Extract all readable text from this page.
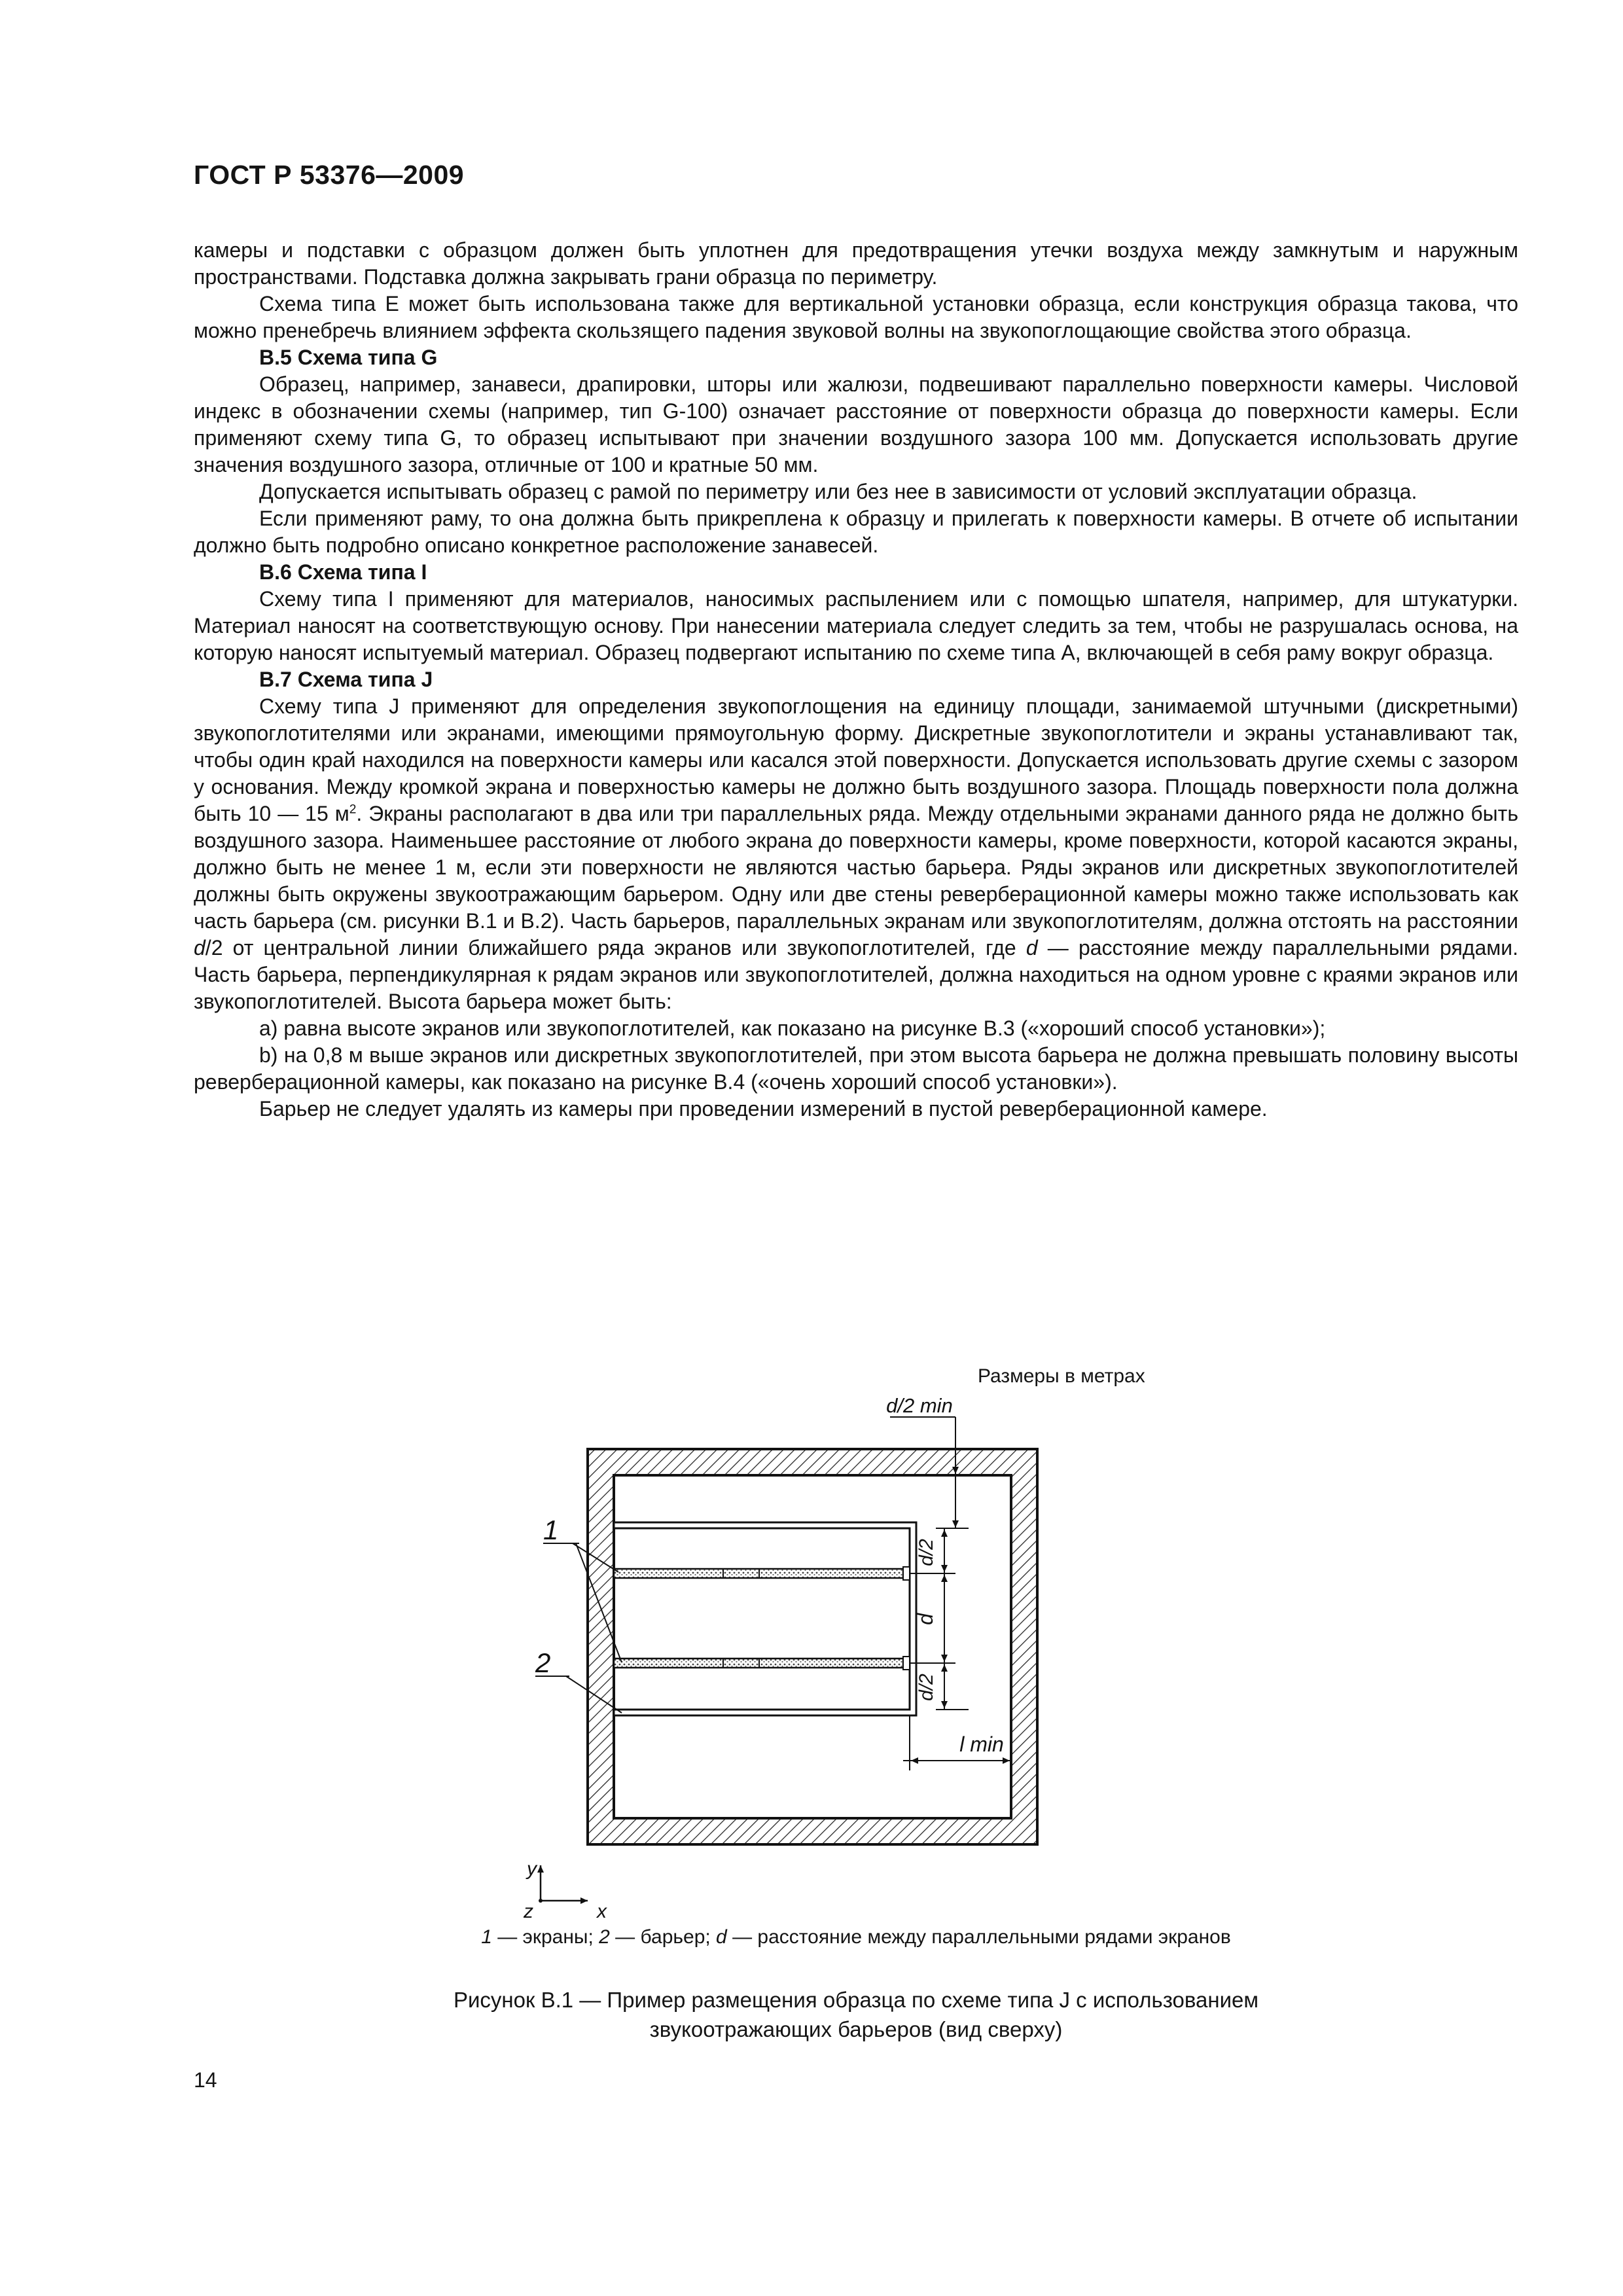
ГОСТ Р 53376—2009

камеры и подставки с образцом должен быть уплотнен для предотвращения утечки воздуха между замкнутым и наружным пространствами. Подставка должна закрывать грани образца по периметру.

Схема типа E может быть использована также для вертикальной установки образца, если конструкция образца такова, что можно пренебречь влиянием эффекта скользящего падения звуковой волны на звукопоглощающие свойства этого образца.

B.5 Схема типа G

Образец, например, занавеси, драпировки, шторы или жалюзи, подвешивают параллельно поверхности камеры. Числовой индекс в обозначении схемы (например, тип G-100) означает расстояние от поверхности образца до поверхности камеры. Если применяют схему типа G, то образец испытывают при значении воздушного зазора 100 мм. Допускается использовать другие значения воздушного зазора, отличные от 100 и кратные 50 мм.

Допускается испытывать образец с рамой по периметру или без нее в зависимости от условий эксплуатации образца.

Если применяют раму, то она должна быть прикреплена к образцу и прилегать к поверхности камеры. В отчете об испытании должно быть подробно описано конкретное расположение занавесей.

B.6 Схема типа I

Схему типа I применяют для материалов, наносимых распылением или с помощью шпателя, например, для штукатурки. Материал наносят на соответствующую основу. При нанесении материала следует следить за тем, чтобы не разрушалась основа, на которую наносят испытуемый материал. Образец подвергают испытанию по схеме типа A, включающей в себя раму вокруг образца.

B.7 Схема типа J

Схему типа J применяют для определения звукопоглощения на единицу площади, занимаемой штучными (дискретными) звукопоглотителями или экранами, имеющими прямоугольную форму. Дискретные звукопоглотители и экраны устанавливают так, чтобы один край находился на поверхности камеры или касался этой поверхности. Допускается использовать другие схемы с зазором у основания. Между кромкой экрана и поверхностью камеры не должно быть воздушного зазора. Площадь поверхности пола должна быть 10 — 15 $м^2$. Экраны располагают в два или три параллельных ряда. Между отдельными экранами данного ряда не должно быть воздушного зазора. Наименьшее расстояние от любого экрана до поверхности камеры, кроме поверхности, которой касаются экраны, должно быть не менее 1 м, если эти поверхности не являются частью барьера. Ряды экранов или дискретных звукопоглотителей должны быть окружены звукоотражающим барьером. Одну или две стены реверберационной камеры можно также использовать как часть барьера (см. рисунки B.1 и B.2). Часть барьеров, параллельных экранам или звукопоглотителям, должна отстоять на расстоянии d/2 от центральной линии ближайшего ряда экранов или звукопоглотителей, где d — расстояние между параллельными рядами. Часть барьера, перпендикулярная к рядам экранов или звукопоглотителей, должна находиться на одном уровне с краями экранов или звукопоглотителей. Высота барьера может быть:

a) равна высоте экранов или звукопоглотителей, как показано на рисунке B.3 («хороший способ установки»);

b) на 0,8 м выше экранов или дискретных звукопоглотителей, при этом высота барьера не должна превышать половину высоты реверберационной камеры, как показано на рисунке B.4 («очень хороший способ установки»).

Барьер не следует удалять из камеры при проведении измерений в пустой реверберационной камере.

Размеры в метрах
d/2
d
d/2
l min
d/2 min
1
2
y
x
z
1 — экраны; 2 — барьер; d — расстояние между параллельными рядами экранов

Рисунок B.1 — Пример размещения образца по схеме типа J с использованием

звукоотражающих барьеров (вид сверху)

14
